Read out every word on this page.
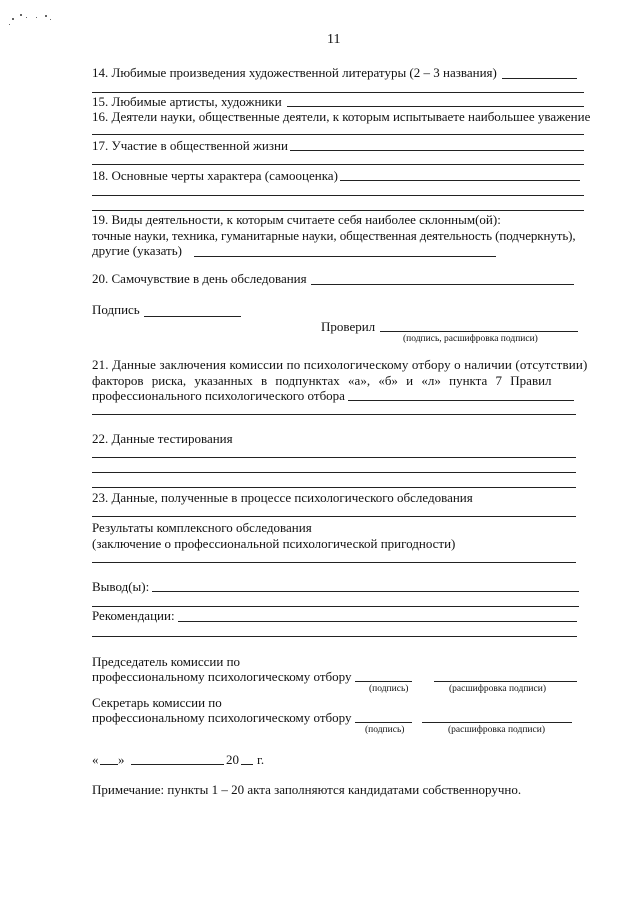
11
14. Любимые произведения художественной литературы (2 – 3 названия)
15. Любимые артисты, художники
16. Деятели науки, общественные деятели, к которым испытываете наибольшее уважение
17. Участие в общественной жизни
18. Основные черты характера (самооценка)
19. Виды деятельности, к которым считаете себя наиболее склонным(ой):
точные науки, техника, гуманитарные науки, общественная деятельность (подчеркнуть),
другие (указать)
20. Самочувствие в день обследования
Подпись
Проверил
(подпись, расшифровка подписи)
21. Данные заключения комиссии по психологическому отбору о наличии (отсутствии)
факторов риска, указанных в подпунктах «а», «б» и «л» пункта 7 Правил
профессионального психологического отбора
22. Данные тестирования
23. Данные, полученные в процессе психологического обследования
Результаты комплексного обследования
(заключение о профессиональной психологической пригодности)
Вывод(ы):
Рекомендации:
Председатель комиссии по
профессиональному психологическому отбору
(подпись)	(расшифровка подписи)
Секретарь комиссии по
профессиональному психологическому отбору
(подпись)	(расшифровка подписи)
« »	20 г.
Примечание: пункты 1 – 20 акта заполняются кандидатами собственноручно.
